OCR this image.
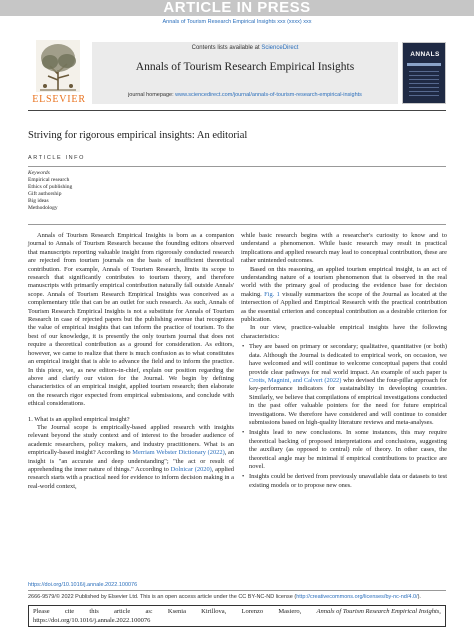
ARTICLE IN PRESS
Annals of Tourism Research Empirical Insights xxx (xxxx) xxx
ELSEVIER
Contents lists available at ScienceDirect
Annals of Tourism Research Empirical Insights
journal homepage: www.sciencedirect.com/journal/annals-of-tourism-research-empirical-insights
ANNALS
Striving for rigorous empirical insights: An editorial
ARTICLE INFO
Keywords
Empirical research
Ethics of publishing
Gift authorship
Big ideas
Methodology

Annals of Tourism Research Empirical Insights is born as a companion journal to Annals of Tourism Research because the founding editors observed that manuscripts reporting valuable insight from rigorously conducted research are rejected from tourism journals on the basis of insufficient theoretical contribution. For example, Annals of Tourism Research, limits its scope to research that significantly contributes to tourism theory, and therefore manuscripts with primarily empirical contribution naturally fall outside Annals' scope. Annals of Tourism Research Empirical Insights was conceived as a complementary title that can be an outlet for such research. As such, Annals of Tourism Research Empirical Insights is not a substitute for Annals of Tourism Research in case of rejected papers but the publishing avenue that recognizes the value of empirical insights that can inform the practice of tourism. To the best of our knowledge, it is presently the only tourism journal that does not require a theoretical contribution as a ground for consideration. As editors, however, we came to realize that there is much confusion as to what constitutes an empirical insight that is able to advance the field and to inform the practice. In this piece, we, as new editors-in-chief, explain our position regarding the above and clarify our vision for the Journal. We begin by defining characteristics of an empirical insight, applied tourism research; then elaborate on the research rigor expected from empirical submissions, and conclude with ethical considerations.

1. What is an applied empirical insight?

The Journal scope is empirically-based applied research with insights relevant beyond the study context and of interest to the broader audience of academic researchers, policy makers, and industry practitioners. What is an empirically-based insight? According to Merriam Webster Dictionary (2022), an insight is "an accurate and deep understanding"; "the act or result of apprehending the inner nature of things." According to Dolnicar (2020), applied research starts with a practical need for evidence to inform decision making in a real-world context,

while basic research begins with a researcher's curiosity to know and to understand a phenomenon. While basic research may result in practical implications and applied research may lead to conceptual contribution, these are rather unintended outcomes.

Based on this reasoning, an applied tourism empirical insight, is an act of understanding nature of a tourism phenomenon that is observed in the real world with the primary goal of producing the evidence base for decision making. Fig. 1 visually summarizes the scope of the Journal as located at the intersection of Applied and Empirical Research with the practical contribution as the essential criterion and conceptual contribution as a desirable criterion for publication.

In our view, practice-valuable empirical insights have the following characteristics:

• They are based on primary or secondary; qualitative, quantitative (or both) data. Although the Journal is dedicated to empirical work, on occasion, we have welcomed and will continue to welcome conceptual papers that could provide clear pathways for real world impact. An example of such paper is Crotts, Magnini, and Calvert (2022) who devised the four-pillar approach for key-performance indicators for sustainability in developing countries. Similarly, we believe that compilations of empirical investigations conducted in the past offer valuable pointers for the need for future empirical investigations. We therefore have considered and will continue to consider submissions based on high-quality literature reviews and meta-analyses.
• Insights lead to new conclusions. In some instances, this may require theoretical backing of proposed interpretations and conclusions, suggesting the auxiliary (as opposed to central) role of theory. In other cases, the theoretical angle may be minimal if empirical contributions to practice are novel.
• Insights could be derived from previously unavailable data or datasets to test existing models or to propose new ones.
https://doi.org/10.1016/j.annale.2022.100076
2666-9579/© 2022 Published by Elsevier Ltd. This is an open access article under the CC BY-NC-ND license (http://creativecommons.org/licenses/by-nc-nd/4.0/).
Please cite this article as: Ksenia Kirillova, Lorenzo Masiero, Annals of Tourism Research Empirical Insights,
https://doi.org/10.1016/j.annale.2022.100076
